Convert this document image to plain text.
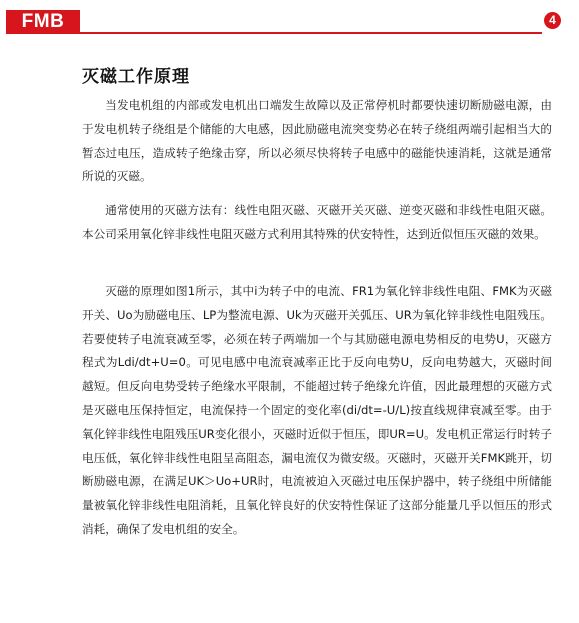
FMB	4
灭磁工作原理

当发电机组的内部或发电机出口端发生故障以及正常停机时都要快速切断励磁电源，由于发电机转子绕组是个储能的大电感，因此励磁电流突变势必在转子绕组两端引起相当大的暂态过电压，造成转子绝缘击穿，所以必须尽快将转子电感中的磁能快速消耗，这就是通常所说的灭磁。

通常使用的灭磁方法有：线性电阻灭磁、灭磁开关灭磁、逆变灭磁和非线性电阻灭磁。本公司采用氧化锌非线性电阻灭磁方式利用其特殊的伏安特性，达到近似恒压灭磁的效果。

灭磁的原理如图1所示，其中i为转子中的电流、FR1为氧化锌非线性电阻、FMK为灭磁开关、Uo为励磁电压、LP为整流电源、Uk为灭磁开关弧压、UR为氧化锌非线性电阻残压。若要使转子电流衰减至零，必须在转子两端加一个与其励磁电源电势相反的电势U，灭磁方程式为Ldi/dt+U=0。可见电感中电流衰减率正比于反向电势U，反向电势越大，灭磁时间越短。但反向电势受转子绝缘水平限制，不能超过转子绝缘允许值，因此最理想的灭磁方式是灭磁电压保持恒定，电流保持一个固定的变化率(di/dt=-U/L)按直线规律衰减至零。由于氧化锌非线性电阻残压UR变化很小，灭磁时近似于恒压，即UR=U。发电机正常运行时转子电压低，氧化锌非线性电阻呈高阻态，漏电流仅为微安级。灭磁时，灭磁开关FMK跳开，切断励磁电源，在满足UK＞Uo+UR时，电流被迫入灭磁过电压保护器中，转子绕组中所储能量被氧化锌非线性电阻消耗，且氧化锌良好的伏安特性保证了这部分能量几乎以恒压的形式消耗，确保了发电机组的安全。
